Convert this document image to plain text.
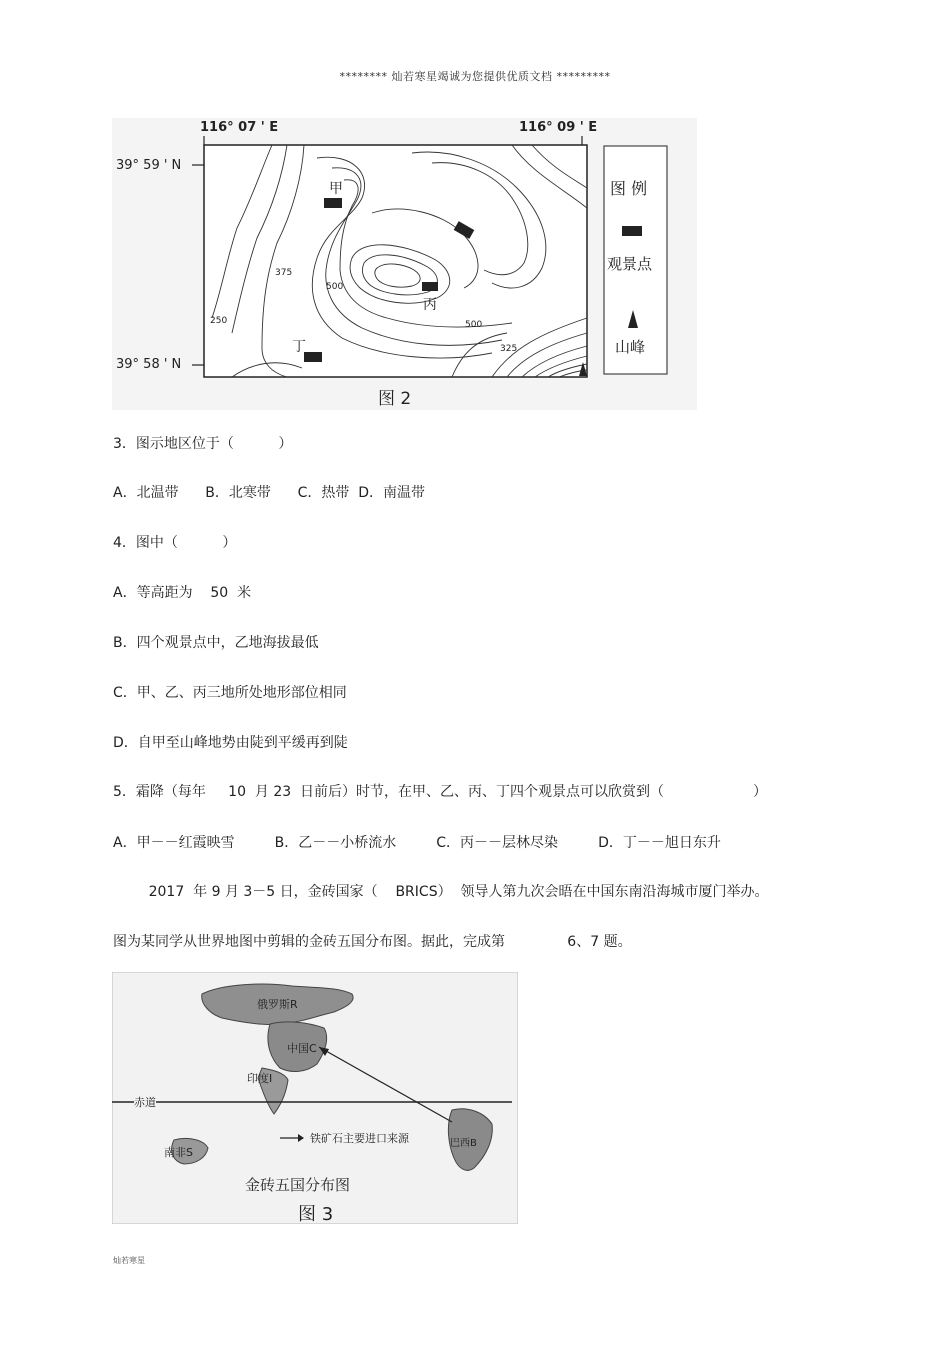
******** 灿若寒星竭诚为您提供优质文档 *********
116° 07 ' E	116° 09 ' E
39° 59 ' N
39° 58 ' N
375
500
250	500
325
甲
丙
丁
图 例
观景点
山峰
图 2
3．图示地区位于（          ）
A．北温带      B．北寒带      C．热带  D．南温带
4．图中（          ）
A．等高距为    50  米
B．四个观景点中，乙地海拔最低
C．甲、乙、丙三地所处地形部位相同
D．自甲至山峰地势由陡到平缓再到陡
5．霜降（每年     10  月 23  日前后）时节，在甲、乙、丙、丁四个观景点可以欣赏到（                    ）
A．甲－－红霞映雪         B．乙－－小桥流水         C．丙－－层林尽染         D．丁－－旭日东升
2017  年 9 月 3－5 日，金砖国家（    BRICS）  领导人第九次会晤在中国东南沿海城市厦门举办。
图为某同学从世界地图中剪辑的金砖五国分布图。据此，完成第              6、7 题。
俄罗斯R
中国C
印度I
巴西B
南非S
赤道
铁矿石主要进口来源
金砖五国分布图
图 3
灿若寒星
